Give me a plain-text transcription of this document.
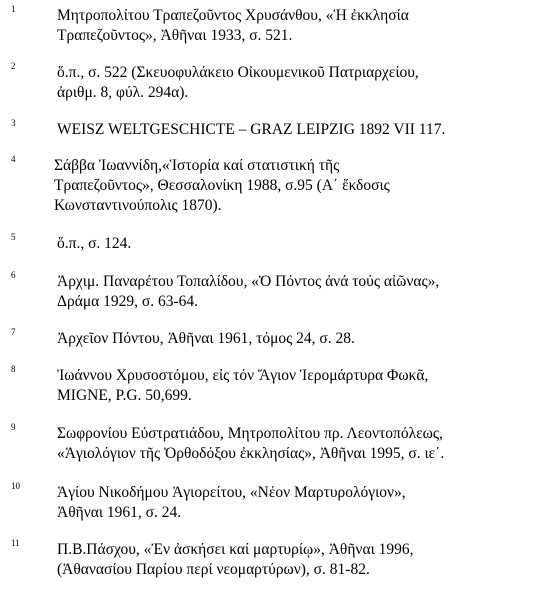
1	Μητροπολίτου Τραπεζοῦντος Χρυσάνθου, «Ἡ ἐκκλησία
Τραπεζοῦντος», Ἀθῆναι 1933, σ. 521.
2	ὅ.π., σ. 522 (Σκευοφυλάκειο Οἰκουμενικοῦ Πατριαρχείου,
ἀριθμ. 8, φύλ. 294α).
3	WEISZ WELTGESCHICTE – GRAZ LEIPZIG 1892 VII 117.
4 Σάββα Ἰωαννίδη,«Ἱστορία καί στατιστική τῆς
Τραπεζοῦντος», Θεσσαλονίκη 1988, σ.95 (Α΄ ἔκδοσις
Κωνσταντινούπολις 1870).
5	ὅ.π., σ. 124.
6	Ἀρχιμ. Παναρέτου Τοπαλίδου, «Ὁ Πόντος ἀνά τούς αἰῶνας»,
Δράμα 1929, σ. 63-64.
7	Ἀρχεῖον Πόντου, Ἀθῆναι 1961, τόμος 24, σ. 28.
8	Ἰωάννου Χρυσοστόμου, εἰς τόν Ἅγιον Ἱερομάρτυρα Φωκᾶ,
MIGNE, P.G. 50,699.
9	Σωφρονίου Εὐστρατιάδου, Μητροπολίτου πρ. Λεοντοπόλεως,
«Ἁγιολόγιον τῆς Ὀρθοδόξου ἐκκλησίας», Ἀθῆναι 1995, σ. ιε΄.
10 Ἁγίου Νικοδήμου Ἁγιορείτου, «Νέον Μαρτυρολόγιον»,
Ἀθῆναι 1961, σ. 24.
11 Π.Β.Πάσχου, «Ἐν ἀσκήσει καί μαρτυρίῳ», Ἀθῆναι 1996,
(Ἀθανασίου Παρίου περί νεομαρτύρων), σ. 81-82.
